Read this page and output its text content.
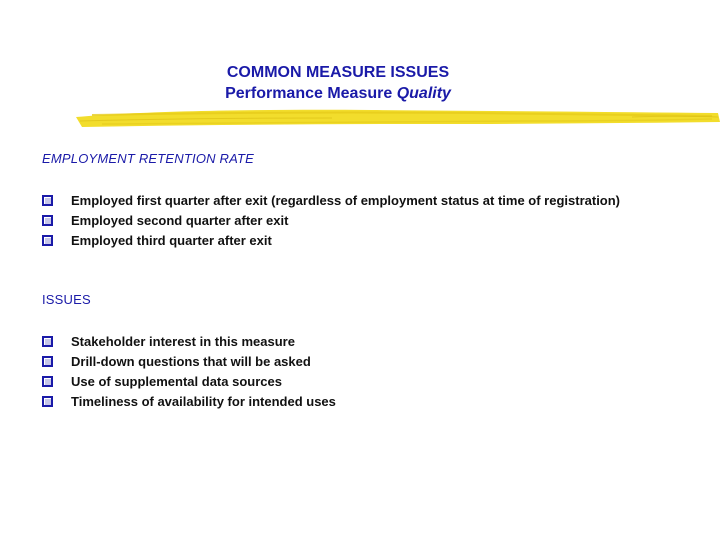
COMMON MEASURE ISSUES
Performance Measure Quality
EMPLOYMENT RETENTION RATE
Employed first quarter after exit (regardless of employment status at time of registration)
Employed second quarter after exit
Employed third quarter after exit
ISSUES
Stakeholder interest in this measure
Drill-down questions that will be asked
Use of supplemental data sources
Timeliness of availability for intended uses
